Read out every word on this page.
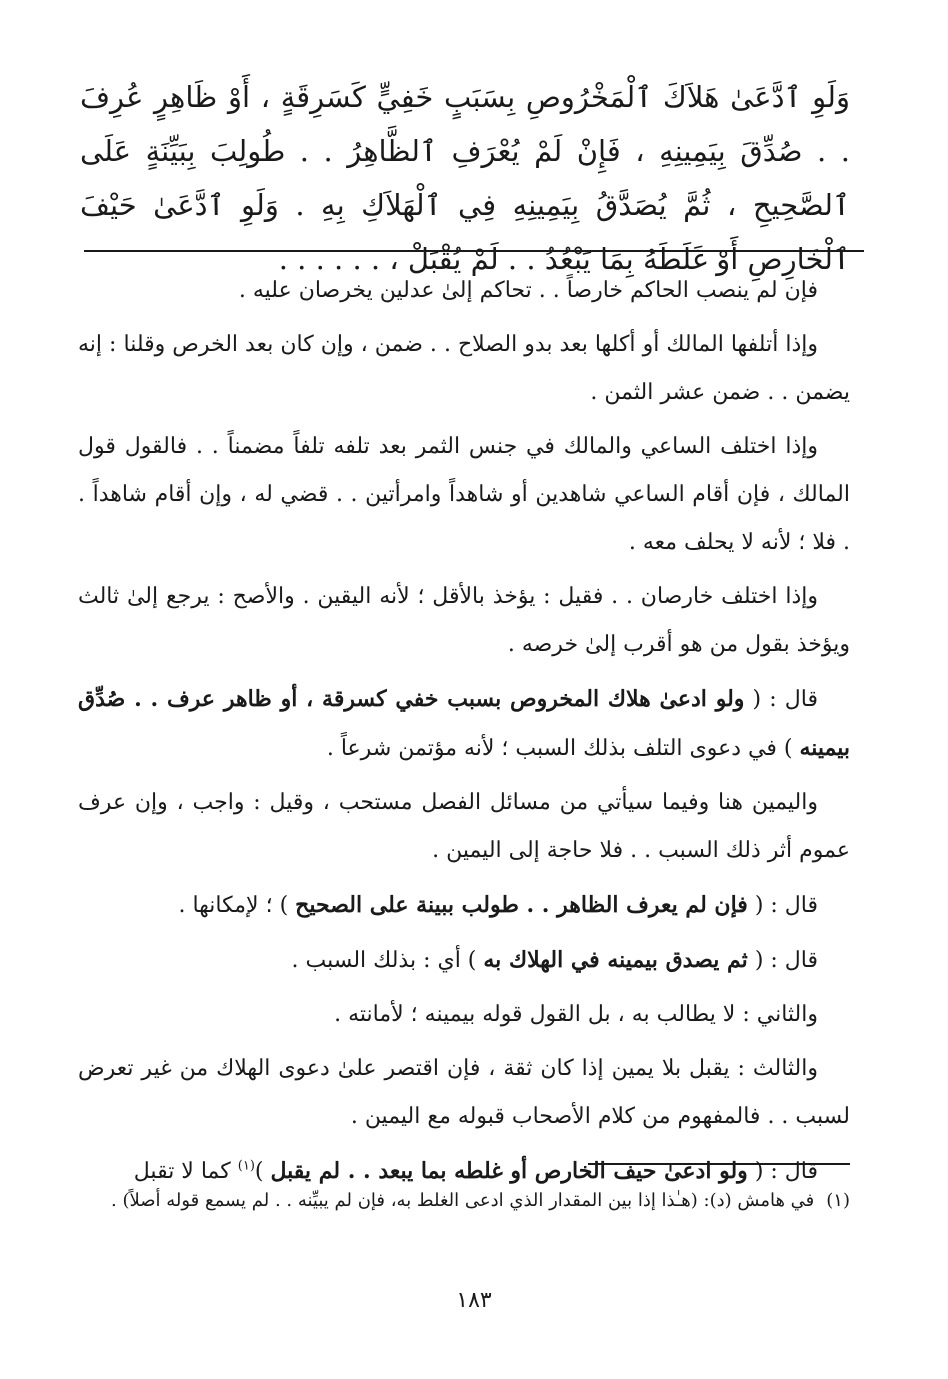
وَلَوِ ٱدَّعَىٰ هَلاَكَ ٱلْمَخْرُوصِ بِسَبَبٍ خَفِيٍّ كَسَرِقَةٍ ، أَوْ ظَاهِرٍ عُرِفَ . . صُدِّقَ بِيَمِينِهِ ، فَإِنْ لَمْ يُعْرَفِ ٱلظَّاهِرُ . . طُولِبَ بِبَيِّنَةٍ عَلَى ٱلصَّحِيحِ ، ثُمَّ يُصَدَّقُ بِيَمِينِهِ فِي ٱلْهَلاَكِ بِهِ . وَلَوِ ٱدَّعَىٰ حَيْفَ ٱلْخَارِصِ أَوْ غَلَطَهُ بِمَا يَبْعُدُ . . لَمْ يُقْبَلْ ، . . . . . .

فإن لم ينصب الحاكم خارصاً . . تحاكم إلىٰ عدلين يخرصان عليه .

وإذا أتلفها المالك أو أكلها بعد بدو الصلاح . . ضمن ، وإن كان بعد الخرص وقلنا : إنه يضمن . . ضمن عشر الثمن .

وإذا اختلف الساعي والمالك في جنس الثمر بعد تلفه تلفاً مضمناً . . فالقول قول المالك ، فإن أقام الساعي شاهدين أو شاهداً وامرأتين . . قضي له ، وإن أقام شاهداً . . فلا ؛ لأنه لا يحلف معه .

وإذا اختلف خارصان . . فقيل : يؤخذ بالأقل ؛ لأنه اليقين . والأصح : يرجع إلىٰ ثالث ويؤخذ بقول من هو أقرب إلىٰ خرصه .

قال : ( ولو ادعىٰ هلاك المخروص بسبب خفي كسرقة ، أو ظاهر عرف . . صُدِّق بيمينه ) في دعوى التلف بذلك السبب ؛ لأنه مؤتمن شرعاً .

واليمين هنا وفيما سيأتي من مسائل الفصل مستحب ، وقيل : واجب ، وإن عرف عموم أثر ذلك السبب . . فلا حاجة إلى اليمين .

قال : ( فإن لم يعرف الظاهر . . طولب ببينة على الصحيح ) ؛ لإمكانها .

قال : ( ثم يصدق بيمينه في الهلاك به ) أي : بذلك السبب .

والثاني : لا يطالب به ، بل القول قوله بيمينه ؛ لأمانته .

والثالث : يقبل بلا يمين إذا كان ثقة ، فإن اقتصر علىٰ دعوى الهلاك من غير تعرض لسبب . . فالمفهوم من كلام الأصحاب قبوله مع اليمين .

قال : ( ولو ادعىٰ حيف الخارص أو غلطه بما يبعد . . لم يقبل )$^{(١)}$ كما لا تقبل

(١)في هامش (د): (هـٰذا إذا بين المقدار الذي ادعى الغلط به، فإن لم يبيِّنه . . لم يسمع قوله أصلاً) .
١٨٣
